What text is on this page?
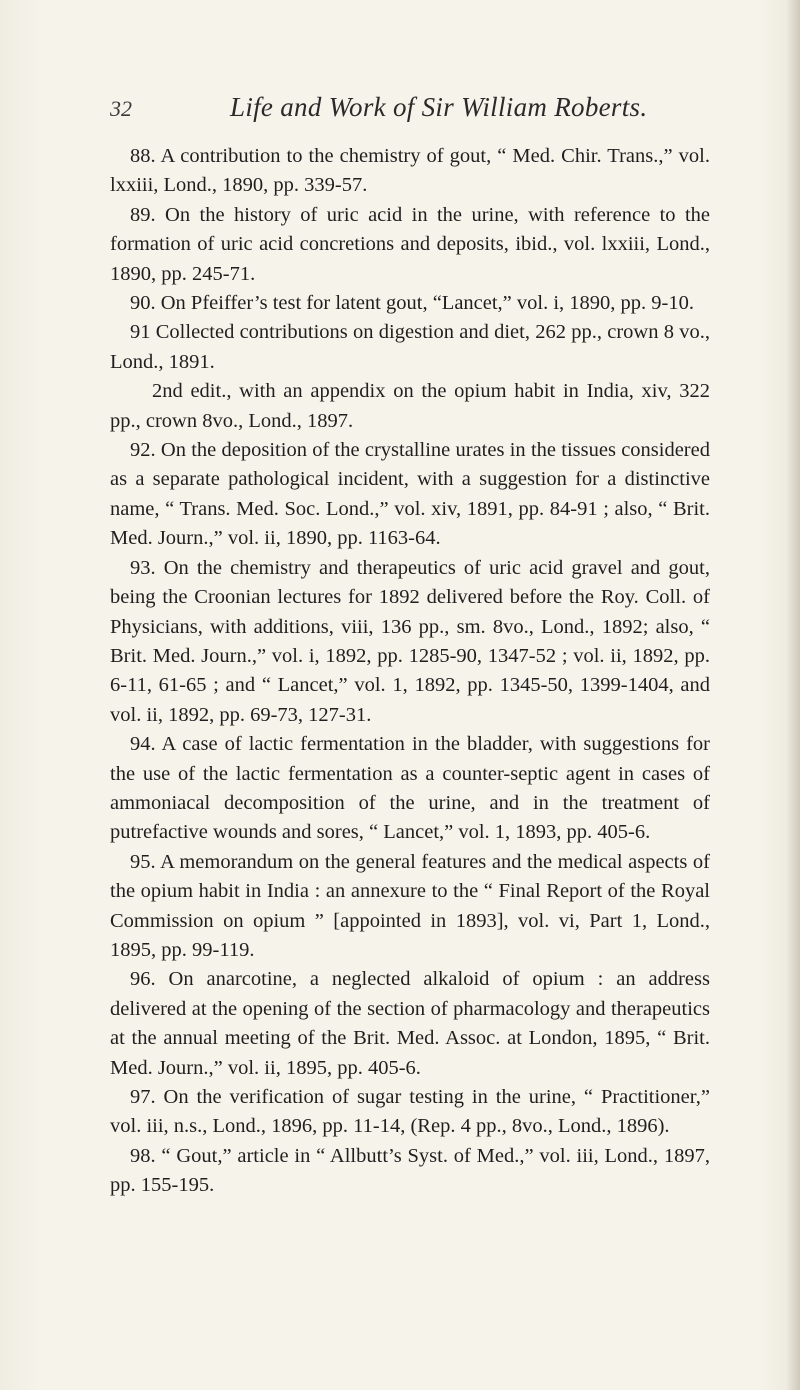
32	Life and Work of Sir William Roberts.

88. A contribution to the chemistry of gout, “ Med. Chir. Trans.,” vol. lxxiii, Lond., 1890, pp. 339-57.

89. On the history of uric acid in the urine, with reference to the formation of uric acid concretions and deposits, ibid., vol. lxxiii, Lond., 1890, pp. 245-71.

90. On Pfeiffer’s test for latent gout, “Lancet,” vol. i, 1890, pp. 9-10.

91 Collected contributions on digestion and diet, 262 pp., crown 8 vo., Lond., 1891.

2nd edit., with an appendix on the opium habit in India, xiv, 322 pp., crown 8vo., Lond., 1897.

92. On the deposition of the crystalline urates in the tissues considered as a separate pathological incident, with a suggestion for a distinctive name, “ Trans. Med. Soc. Lond.,” vol. xiv, 1891, pp. 84-91 ; also, “ Brit. Med. Journ.,” vol. ii, 1890, pp. 1163-64.

93. On the chemistry and therapeutics of uric acid gravel and gout, being the Croonian lectures for 1892 delivered before the Roy. Coll. of Physicians, with additions, viii, 136 pp., sm. 8vo., Lond., 1892; also, “ Brit. Med. Journ.,” vol. i, 1892, pp. 1285-90, 1347-52 ; vol. ii, 1892, pp. 6-11, 61-65 ; and “ Lancet,” vol. 1, 1892, pp. 1345-50, 1399-1404, and vol. ii, 1892, pp. 69-73, 127-31.

94. A case of lactic fermentation in the bladder, with suggestions for the use of the lactic fermentation as a counter-septic agent in cases of ammoniacal decomposition of the urine, and in the treatment of putrefactive wounds and sores, “ Lancet,” vol. 1, 1893, pp. 405-6.

95. A memorandum on the general features and the medical aspects of the opium habit in India : an annexure to the “ Final Report of the Royal Commission on opium ” [appointed in 1893], vol. vi, Part 1, Lond., 1895, pp. 99-119.

96. On anarcotine, a neglected alkaloid of opium : an address delivered at the opening of the section of pharmacology and therapeutics at the annual meeting of the Brit. Med. Assoc. at London, 1895, “ Brit. Med. Journ.,” vol. ii, 1895, pp. 405-6.

97. On the verification of sugar testing in the urine, “ Practitioner,” vol. iii, n.s., Lond., 1896, pp. 11-14, (Rep. 4 pp., 8vo., Lond., 1896).

98. “ Gout,” article in “ Allbutt’s Syst. of Med.,” vol. iii, Lond., 1897, pp. 155-195.
